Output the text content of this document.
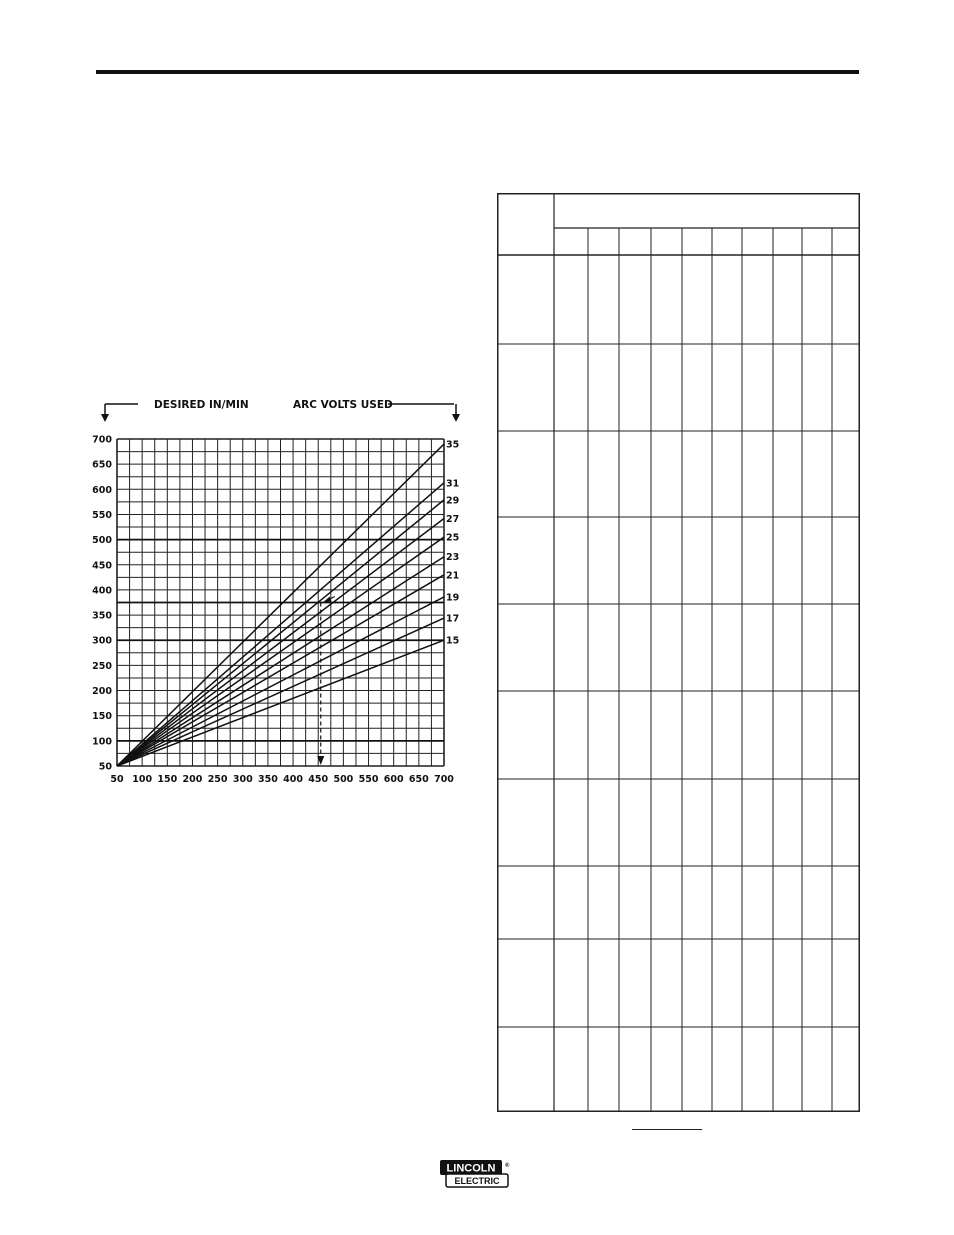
DESIRED IN/MIN	ARC VOLTS USED
50
100
150
200
250
300
350
400
450
500
550
600
650
700
50 100 150 200 250 300 350 400 450 500 550 600 650 700
35
31
29
27
25
23
21
19
17
15
LINCOLN ®
ELECTRIC
